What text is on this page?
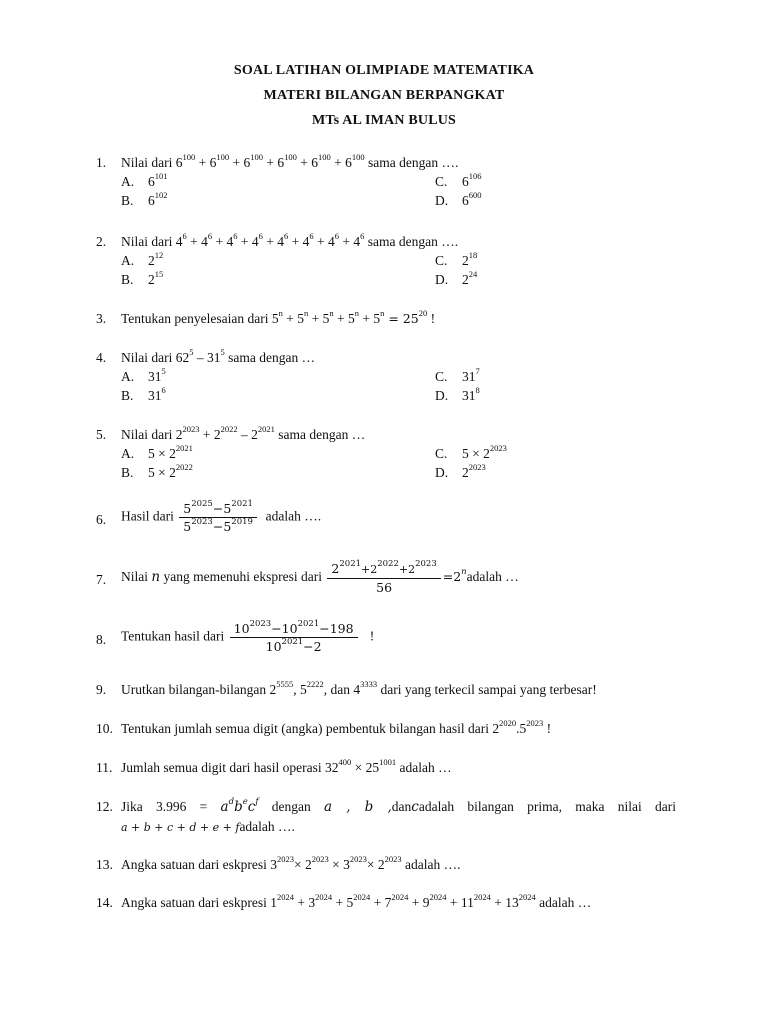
SOAL LATIHAN OLIMPIADE MATEMATIKA
MATERI BILANGAN BERPANGKAT
MTs AL IMAN BULUS
1. Nilai dari $6^{100} + 6^{100} + 6^{100} + 6^{100} + 6^{100} + 6^{100}$ sama dengan ….
A. $6^{101}$
B. $6^{102}$
C. $6^{106}$
D. $6^{600}$
2. Nilai dari $4^6 + 4^6 + 4^6 + 4^6 + 4^6 + 4^6 + 4^6 + 4^6$ sama dengan ….
A. $2^{12}$
B. $2^{15}$
C. $2^{18}$
D. $2^{24}$
3. Tentukan penyelesaian dari $5^n + 5^n + 5^n + 5^n + 5^n = 25^{20}$ !
4. Nilai dari $62^5 - 31^5$ sama dengan …
A. $31^5$
B. $31^6$
C. $31^7$
D. $31^8$
5. Nilai dari $2^{2023} + 2^{2022} - 2^{2021}$ sama dengan …
A. $5 \times 2^{2021}$
B. $5 \times 2^{2022}$
C. $5 \times 2^{2023}$
D. $2^{2023}$
6. Hasil dari $\frac{5^{2025}-5^{2021}}{5^{2023}-5^{2019}}$ adalah ….
7. Nilai n yang memenuhi ekspresi dari $\frac{2^{2021}+2^{2022}+2^{2023}}{56}$ $=2^nadalah$ …
8. Tentukan hasil dari $\frac{10^{2023}-10^{2021}-198}{10^{2021}-2}$ !
9. Urutkan bilangan-bilangan $2^{5555}$, $5^{2222}$, dan $4^{3333}$ dari yang terkecil sampai yang terbesar!
10. Tentukan jumlah semua digit (angka) pembentuk bilangan hasil dari $2^{2020}.5^{2023}$ !
11. Jumlah semua digit dari hasil operasi $32^{400} \times 25^{1001}$ adalah …
12. Jika $3.996 = a^db^ec^f$ dengan a , b ,dancadalah bilangan prima, maka nilai dari
a + b + c + d + e + fadalah ….
13. Angka satuan dari eskpresi $3^{2023}\times 2^{2023} \times 3^{2023}\times 2^{2023}$ adalah ….
14. Angka satuan dari eskpresi $1^{2024} + 3^{2024} + 5^{2024} + 7^{2024} + 9^{2024} + 11^{2024} + 13^{2024}$ adalah …
